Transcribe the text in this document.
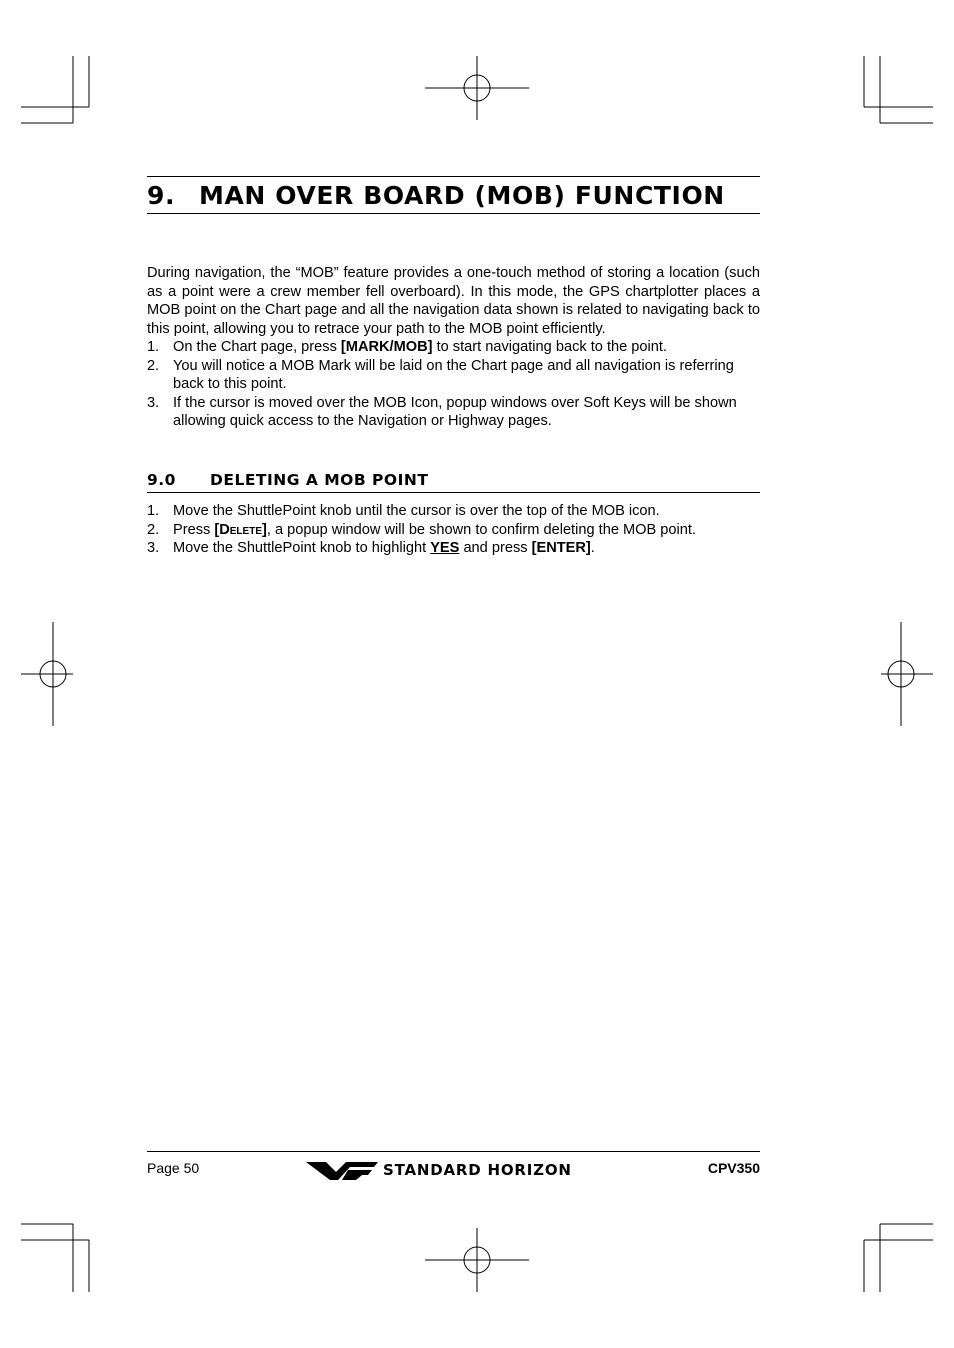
9. MAN OVER BOARD (MOB) FUNCTION

During navigation, the “MOB” feature provides a one-touch method of storing a location (such as a point were a crew member fell overboard). In this mode, the GPS chartplotter places a MOB point on the Chart page and all the navigation data shown is related to navigating back to this point, allowing you to retrace your path to the MOB point efficiently.

1. On the Chart page, press [MARK/MOB] to start navigating back to the point.
2. You will notice a MOB Mark will be laid on the Chart page and all navigation is referring back to this point.
3. If the cursor is moved over the MOB Icon, popup windows over Soft Keys will be shown allowing quick access to the Navigation or Highway pages.
9.0 DELETING A MOB POINT
1. Move the ShuttlePoint knob until the cursor is over the top of the MOB icon.
2. Press [Delete], a popup window will be shown to confirm deleting the MOB point.
3. Move the ShuttlePoint knob to highlight YES and press [ENTER].
Page 50	STANDARD HORIZON	CPV350
